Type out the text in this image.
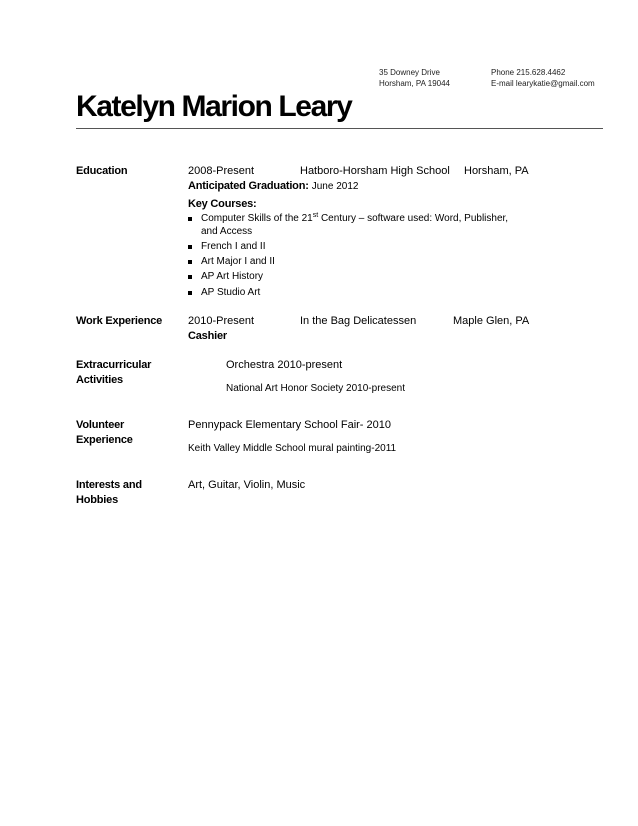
35 Downey Drive
Horsham, PA 19044
Phone 215.628.4462
E-mail learykatie@gmail.com
Katelyn Marion Leary
Education	2008-Present	Hatboro-Horsham High School Horsham, PA
Anticipated Graduation: June 2012
Key Courses:
Computer Skills of the 21st Century – software used: Word, Publisher,
and Access
French I and II
Art Major I and II
AP Art History
AP Studio Art
Work Experience 2010-Present	In the Bag Delicatessen	Maple Glen, PA
Cashier
Extracurricular
Activities
Orchestra 2010-present
National Art Honor Society 2010-present
Volunteer
Experience
Pennypack Elementary School Fair- 2010
Keith Valley Middle School mural painting-2011
Interests and
Hobbies
Art, Guitar, Violin, Music
